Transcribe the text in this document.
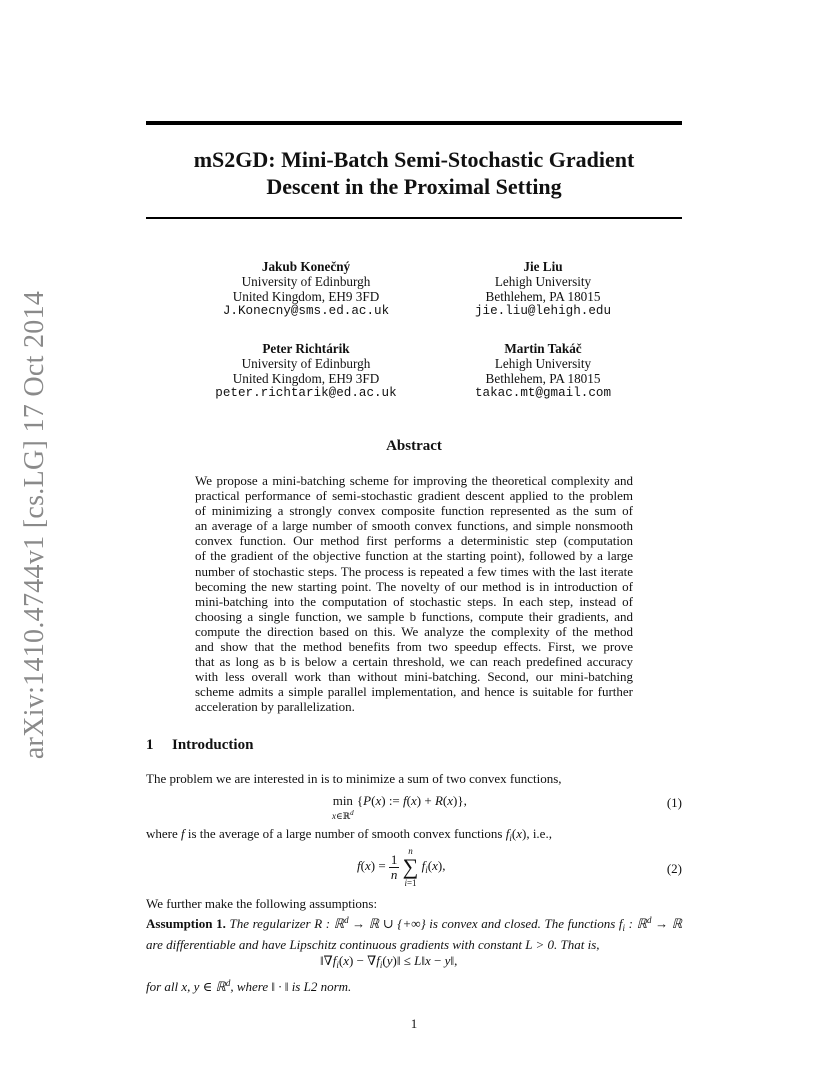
arXiv:1410.4744v1 [cs.LG] 17 Oct 2014
mS2GD: Mini-Batch Semi-Stochastic Gradient
Descent in the Proximal Setting
Jakub Konečný
University of Edinburgh
United Kingdom, EH9 3FD
J.Konecny@sms.ed.ac.uk
Jie Liu
Lehigh University
Bethlehem, PA 18015
jie.liu@lehigh.edu
Peter Richtárik
University of Edinburgh
United Kingdom, EH9 3FD
peter.richtarik@ed.ac.uk
Martin Takáč
Lehigh University
Bethlehem, PA 18015
takac.mt@gmail.com
Abstract
We propose a mini-batching scheme for improving the theoretical complexity and
practical performance of semi-stochastic gradient descent applied to the problem
of minimizing a strongly convex composite function represented as the sum of
an average of a large number of smooth convex functions, and simple nonsmooth
convex function. Our method first performs a deterministic step (computation
of the gradient of the objective function at the starting point), followed by a large
number of stochastic steps. The process is repeated a few times with the last iterate
becoming the new starting point. The novelty of our method is in introduction of
mini-batching into the computation of stochastic steps. In each step, instead of
choosing a single function, we sample b functions, compute their gradients, and
compute the direction based on this. We analyze the complexity of the method
and show that the method benefits from two speedup effects. First, we prove
that as long as b is below a certain threshold, we can reach predefined accuracy
with less overall work than without mini-batching. Second, our mini-batching
scheme admits a simple parallel implementation, and hence is suitable for further
acceleration by parallelization.
1 Introduction
The problem we are interested in is to minimize a sum of two convex functions,
min
x∈ℝ$^d$
{P(x) := f(x) + R(x)},	(1)
where f is the average of a large number of smooth convex functions $f_i(x)$, i.e.,
$f(x) = \frac{1}{n}$

n
∑
i=1
$f_i(x)$,	(2)
We further make the following assumptions:
Assumption 1. The regularizer R : ℝ$^d$ → ℝ ∪ {+∞} is convex and closed. The functions $f_i$ : ℝ$^d$ → ℝ are differentiable and have Lipschitz continuous gradients with constant L > 0. That is,
$‖\nabla f_i(x)$ − $\nabla f_i(y)‖$ ≤ L‖x − y‖,
for all x, y ∈ ℝ$^d$, where ‖ · ‖ is L2 norm.
1
